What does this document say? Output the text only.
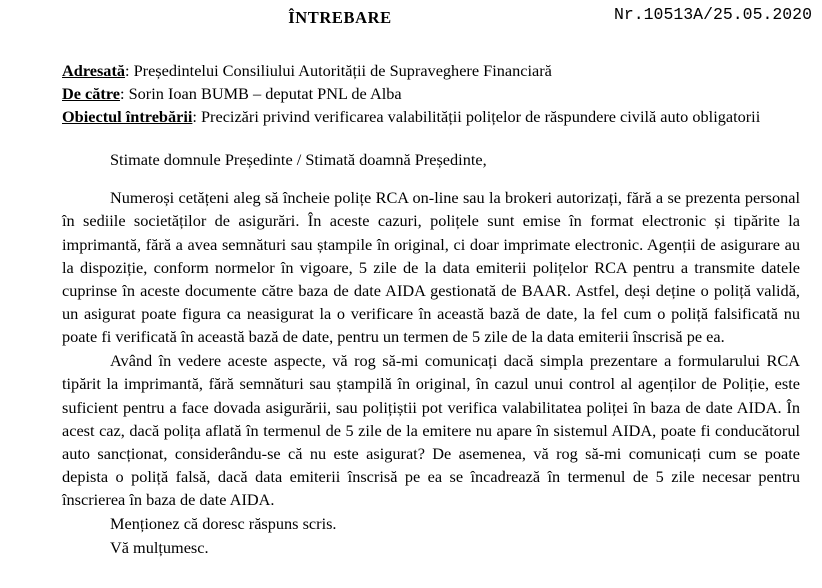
ÎNTREBARE	Nr.10513A/25.05.2020
Adresată: Președintelui Consiliului Autorității de Supraveghere Financiară
De către: Sorin Ioan BUMB – deputat PNL de Alba
Obiectul întrebării: Precizări privind verificarea valabilității polițelor de răspundere civilă auto obligatorii
Stimate domnule Președinte / Stimată doamnă Președinte,

Numeroși cetățeni aleg să încheie polițe RCA on-line sau la brokeri autorizați, fără a se prezenta personal în sediile societăților de asigurări. În aceste cazuri, polițele sunt emise în format electronic și tipărite la imprimantă, fără a avea semnături sau ștampile în original, ci doar imprimate electronic. Agenții de asigurare au la dispoziție, conform normelor în vigoare, 5 zile de la data emiterii polițelor RCA pentru a transmite datele cuprinse în aceste documente către baza de date AIDA gestionată de BAAR. Astfel, deși deține o poliță validă, un asigurat poate figura ca neasigurat la o verificare în această bază de date, la fel cum o poliță falsificată nu poate fi verificată în această bază de date, pentru un termen de 5 zile de la data emiterii înscrisă pe ea.

Având în vedere aceste aspecte, vă rog să-mi comunicați dacă simpla prezentare a formularului RCA tipărit la imprimantă, fără semnături sau ștampilă în original, în cazul unui control al agenților de Poliție, este suficient pentru a face dovada asigurării, sau polițiștii pot verifica valabilitatea poliței în baza de date AIDA. În acest caz, dacă polița aflată în termenul de 5 zile de la emitere nu apare în sistemul AIDA, poate fi conducătorul auto sancționat, considerându-se că nu este asigurat? De asemenea, vă rog să-mi comunicați cum se poate depista o poliță falsă, dacă data emiterii înscrisă pe ea se încadrează în termenul de 5 zile necesar pentru înscrierea în baza de date AIDA.

Menționez că doresc răspuns scris.
Vă mulțumesc.
